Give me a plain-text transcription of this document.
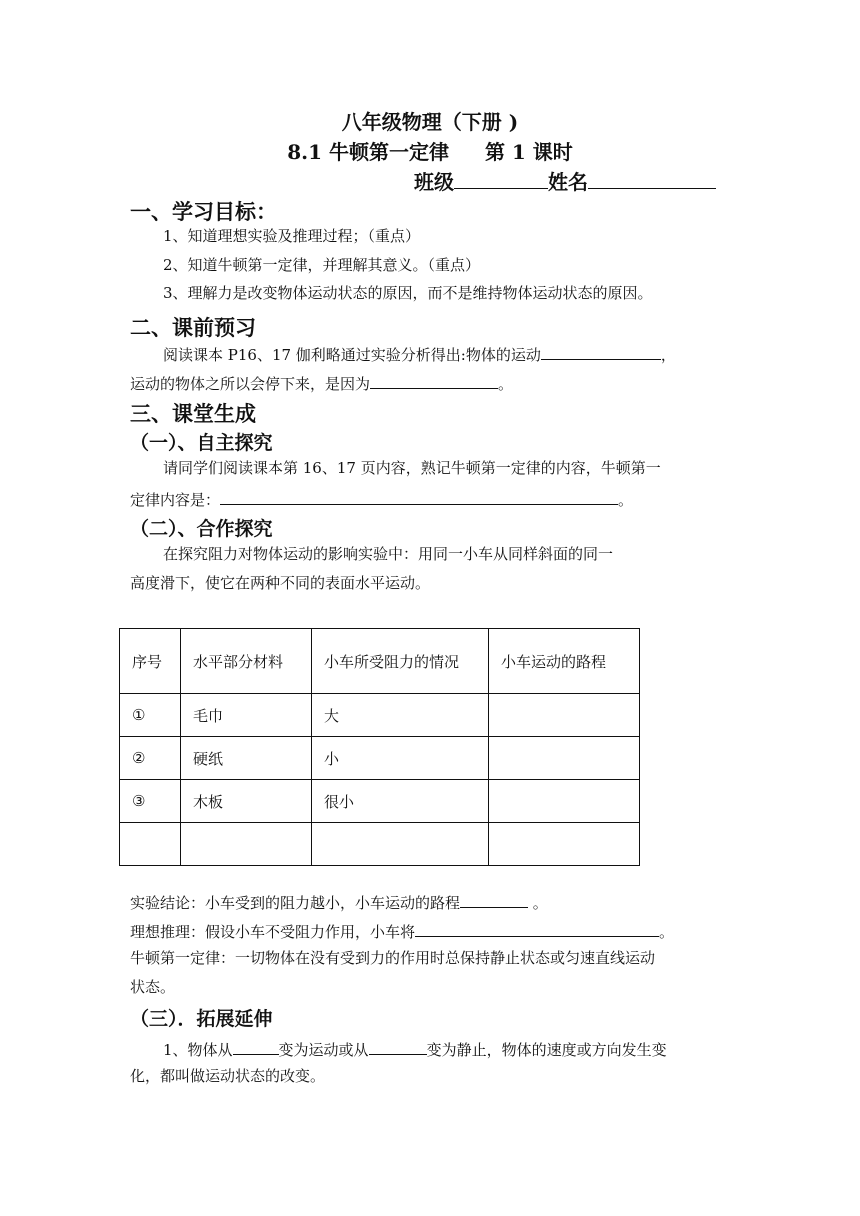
八年级物理（下册 )
8.1 牛顿第一定律 第 1 课时
班级	姓名
一、学习目标：
1、知道理想实验及推理过程；（重点）
2、知道牛顿第一定律，并理解其意义。（重点）
3、理解力是改变物体运动状态的原因，而不是维持物体运动状态的原因。
二、课前预习
阅读课本 P16、17 伽利略通过实验分析得出:物体的运动	，
运动的物体之所以会停下来，是因为	。
三、课堂生成
（一）、自主探究
请同学们阅读课本第 16、17 页内容，熟记牛顿第一定律的内容，牛顿第一
定律内容是：	。
（二）、合作探究
在探究阻力对物体运动的影响实验中：用同一小车从同样斜面的同一
高度滑下，使它在两种不同的表面水平运动。
序号	水平部分材料	小车所受阻力的情况	小车运动的路程
①	毛巾	大	
②	硬纸	小	
③	木板	很小	

实验结论：小车受到的阻力越小，小车运动的路程	。
理想推理：假设小车不受阻力作用，小车将	。
牛顿第一定律：一切物体在没有受到力的作用时总保持静止状态或匀速直线运动
状态。
（三）．拓展延伸
1、物体从	变为运动或从	变为静止，物体的速度或方向发生变
化，都叫做运动状态的改变。
